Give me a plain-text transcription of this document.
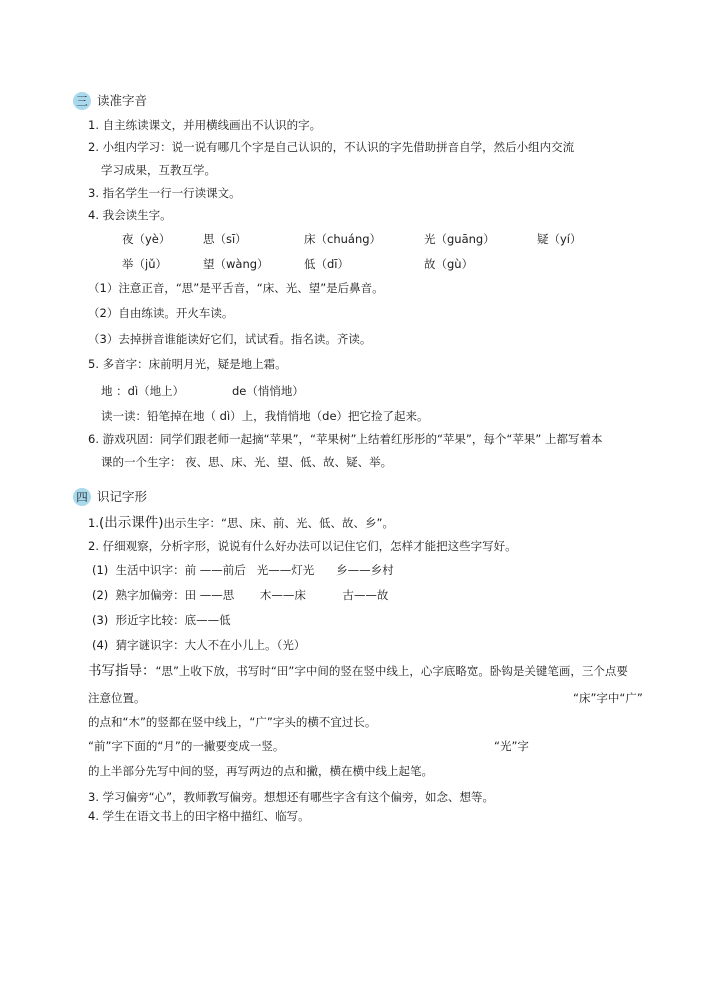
三 读准字音
1. 自主练读课文，并用横线画出不认识的字。
2. 小组内学习：说一说有哪几个字是自己认识的，不认识的字先借助拼音自学，然后小组内交流
学习成果，互教互学。
3. 指名学生一行一行读课文。
4. 我会读生字。
夜（yè）	思（sī）	床（chuáng）	光（guāng）	疑（yí）
举（jǔ）	望（wàng）	低（dī）	故（gù）
（1）注意正音，“思”是平舌音，“床、光、望”是后鼻音。
（2）自由练读。开火车读。
（3）去掉拼音谁能读好它们，试试看。指名读。齐读。
5. 多音字：床前明月光，疑是地上霜。
地 ：dì（地上）	de（悄悄地）
读一读：铅笔掉在地（ dì）上，我悄悄地（de）把它捡了起来。
6. 游戏巩固：同学们跟老师一起摘“苹果”，“苹果树”上结着红彤彤的“苹果”，每个“苹果” 上都写着本
课的一个生字： 夜、思、床、光、望、低、故、疑、举。
四 识记字形
1.(出示课件)出示生字：“思、床、前、光、低、故、乡”。
2. 仔细观察，分析字形，说说有什么好办法可以记住它们，怎样才能把这些字写好。
(1)  生活中识字：前 ——前后   光——灯光      乡——乡村
(2)  熟字加偏旁：田 ——思       木——床          古——故
(3)  形近字比较：底——低
(4)  猜字谜识字：大人不在小儿上。（光）
书写指导：“思”上收下放，书写时“田”字中间的竖在竖中线上，心字底略宽。卧钩是关键笔画，三个点要
注意位置。	“床”字中“广”
的点和“木”的竖都在竖中线上，“广”字头的横不宜过长。
“前”字下面的“月”的一撇要变成一竖。	“光”字
的上半部分先写中间的竖，再写两边的点和撇，横在横中线上起笔。
3. 学习偏旁“心”，教师教写偏旁。想想还有哪些字含有这个偏旁，如念、想等。
4. 学生在语文书上的田字格中描红、临写。
